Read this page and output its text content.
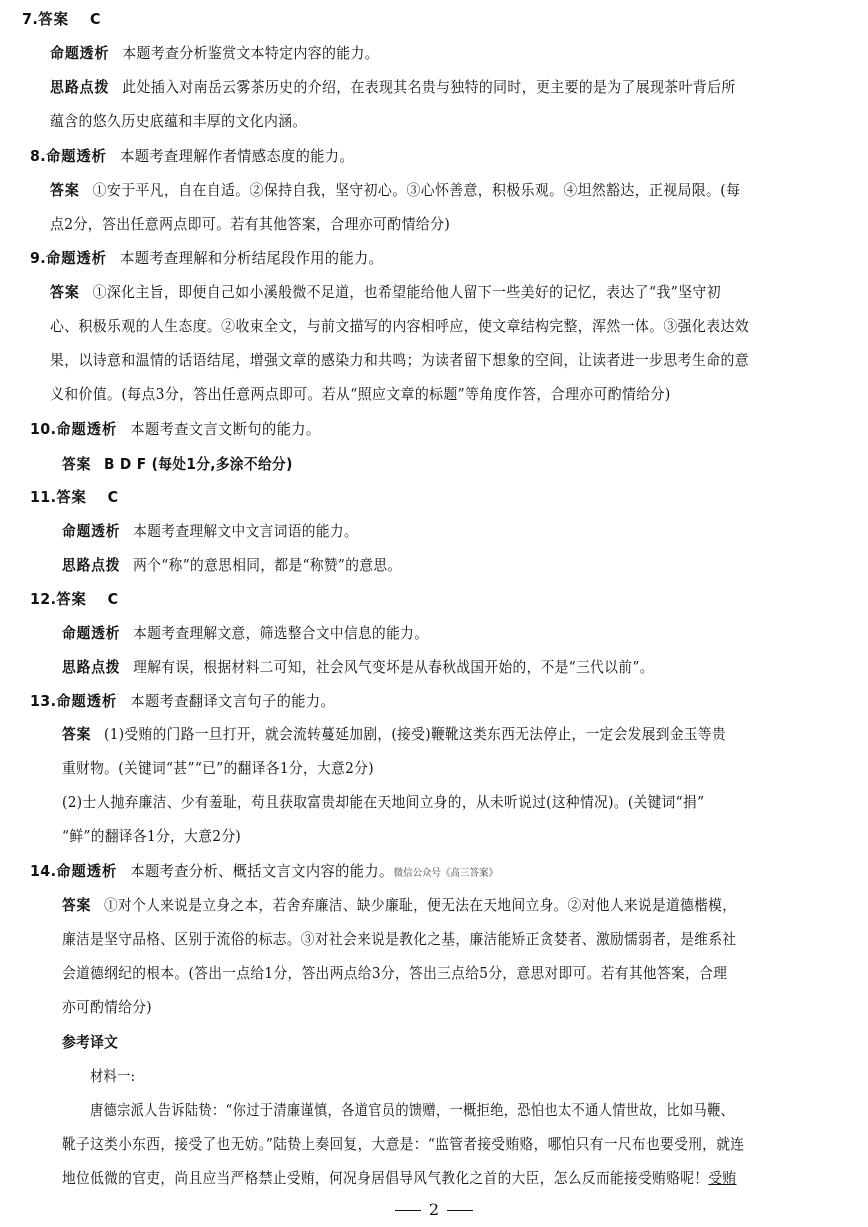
7.答案 C
命题透析 本题考查分析鉴赏文本特定内容的能力。
思路点拨 此处插入对南岳云雾茶历史的介绍，在表现其名贵与独特的同时，更主要的是为了展现茶叶背后所
蕴含的悠久历史底蕴和丰厚的文化内涵。
8.命题透析 本题考查理解作者情感态度的能力。
答案 ①安于平凡，自在自适。②保持自我，坚守初心。③心怀善意，积极乐观。④坦然豁达，正视局限。(每
点2分，答出任意两点即可。若有其他答案，合理亦可酌情给分)
9.命题透析 本题考查理解和分析结尾段作用的能力。
答案 ①深化主旨，即便自己如小溪般微不足道，也希望能给他人留下一些美好的记忆，表达了“我”坚守初
心、积极乐观的人生态度。②收束全文，与前文描写的内容相呼应，使文章结构完整，浑然一体。③强化表达效
果，以诗意和温情的话语结尾，增强文章的感染力和共鸣；为读者留下想象的空间，让读者进一步思考生命的意
义和价值。(每点3分，答出任意两点即可。若从“照应文章的标题”等角度作答，合理亦可酌情给分)
10.命题透析 本题考查文言文断句的能力。
答案 B D F (每处1分,多涂不给分)
11.答案 C
命题透析 本题考查理解文中文言词语的能力。
思路点拨 两个“称”的意思相同，都是“称赞”的意思。
12.答案 C
命题透析 本题考查理解文意，筛选整合文中信息的能力。
思路点拨 理解有误，根据材料二可知，社会风气变坏是从春秋战国开始的，不是“三代以前”。
13.命题透析 本题考查翻译文言句子的能力。
答案 (1)受贿的门路一旦打开，就会流转蔓延加剧，(接受)鞭靴这类东西无法停止，一定会发展到金玉等贵
重财物。(关键词“甚”“已”的翻译各1分，大意2分)
(2)士人抛弃廉洁、少有羞耻，苟且获取富贵却能在天地间立身的，从未听说过(这种情况)。(关键词“捐”
“鲜”的翻译各1分，大意2分)
14.命题透析 本题考查分析、概括文言文内容的能力。微信公众号《高三答案》
答案 ①对个人来说是立身之本，若舍弃廉洁、缺少廉耻，便无法在天地间立身。②对他人来说是道德楷模，
廉洁是坚守品格、区别于流俗的标志。③对社会来说是教化之基，廉洁能矫正贪婪者、激励懦弱者，是维系社
会道德纲纪的根本。(答出一点给1分，答出两点给3分，答出三点给5分，意思对即可。若有其他答案，合理
亦可酌情给分)
参考译文
材料一:
唐德宗派人告诉陆贽：“你过于清廉谨慎，各道官员的馈赠，一概拒绝，恐怕也太不通人情世故，比如马鞭、
靴子这类小东西，接受了也无妨。”陆贽上奏回复，大意是：“监管者接受贿赂，哪怕只有一尺布也要受刑，就连
地位低微的官吏，尚且应当严格禁止受贿，何况身居倡导风气教化之首的大臣，怎么反而能接受贿赂呢！受贿
2
